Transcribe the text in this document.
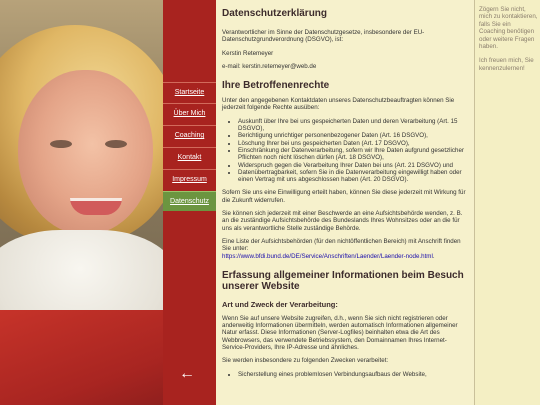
Startseite
Über Mich
Coaching
Kontakt
Impressum
Datenschutz
←
Datenschutzerklärung

Verantwortlicher im Sinne der Datenschutzgesetze, insbesondere der EU-Datenschutzgrundverordnung (DSGVO), ist:

Kerstin Retemeyer

e-mail: kerstin.retemeyer@web.de

Ihre Betroffenenrechte

Unter den angegebenen Kontaktdaten unseres Datenschutzbeauftragten können Sie jederzeit folgende Rechte ausüben:

• Auskunft über Ihre bei uns gespeicherten Daten und deren Verarbeitung (Art. 15 DSGVO),
• Berichtigung unrichtiger personenbezogener Daten (Art. 16 DSGVO),
• Löschung Ihrer bei uns gespeicherten Daten (Art. 17 DSGVO),
• Einschränkung der Datenverarbeitung, sofern wir Ihre Daten aufgrund gesetzlicher Pflichten noch nicht löschen dürfen (Art. 18 DSGVO),
• Widerspruch gegen die Verarbeitung Ihrer Daten bei uns (Art. 21 DSGVO) und
• Datenübertragbarkeit, sofern Sie in die Datenverarbeitung eingewilligt haben oder einen Vertrag mit uns abgeschlossen haben (Art. 20 DSGVO).

Sofern Sie uns eine Einwilligung erteilt haben, können Sie diese jederzeit mit Wirkung für die Zukunft widerrufen.

Sie können sich jederzeit mit einer Beschwerde an eine Aufsichtsbehörde wenden, z. B. an die zuständige Aufsichtsbehörde des Bundeslands Ihres Wohnsitzes oder an die für uns als verantwortliche Stelle zuständige Behörde.

Eine Liste der Aufsichtsbehörden (für den nichtöffentlichen Bereich) mit Anschrift finden Sie unter:
https://www.bfdi.bund.de/DE/Service/Anschriften/Laender/Laender-node.html.

Erfassung allgemeiner Informationen beim Besuch unserer Website
Art und Zweck der Verarbeitung:

Wenn Sie auf unsere Website zugreifen, d.h., wenn Sie sich nicht registrieren oder anderweitig Informationen übermitteln, werden automatisch Informationen allgemeiner Natur erfasst. Diese Informationen (Server-Logfiles) beinhalten etwa die Art des Webbrowsers, das verwendete Betriebssystem, den Domainnamen Ihres Internet-Service-Providers, Ihre IP-Adresse und ähnliches.

Sie werden insbesondere zu folgenden Zwecken verarbeitet:

• Sicherstellung eines problemlosen Verbindungsaufbaus der Website,

Zögern Sie nicht, mich zu kontaktieren, falls Sie ein Coaching benötigen oder weitere Fragen haben.

Ich freuen mich, Sie kennenzulernen!
